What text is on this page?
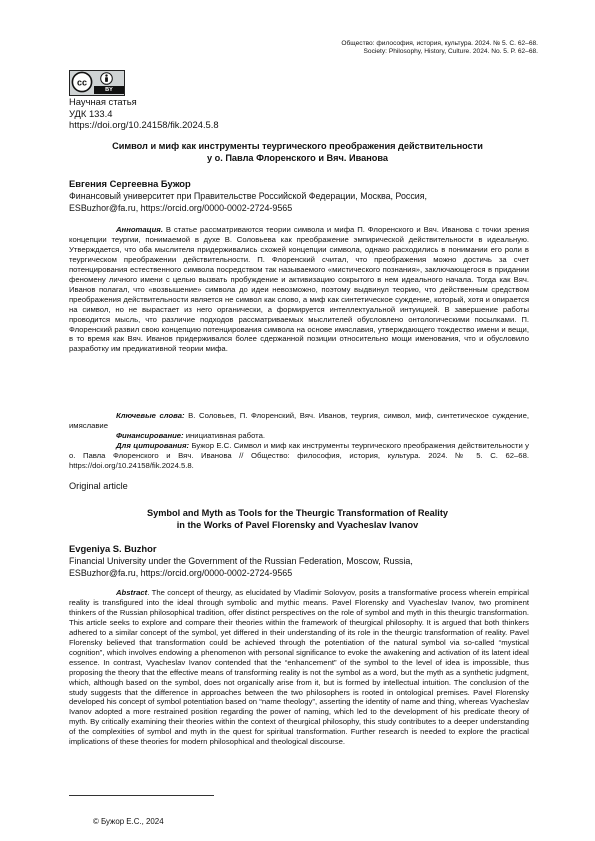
Общество: философия, история, культура. 2024. № 5. С. 62–68.
Society: Philosophy, History, Culture. 2024. No. 5. P. 62–68.
cc
BY
Научная статья
УДК 133.4
https://doi.org/10.24158/fik.2024.5.8
Символ и миф как инструменты теургического преображения действительности
у о. Павла Флоренского и Вяч. Иванова
Евгения Сергеевна Бужор
Финансовый университет при Правительстве Российской Федерации, Москва, Россия,
ESBuzhor@fa.ru, https://orcid.org/0000-0002-2724-9565
Аннотация. В статье рассматриваются теории символа и мифа П. Флоренского и Вяч. Иванова с точки зрения концепции теургии, понимаемой в духе В. Соловьева как преображение эмпирической действительности в идеальную. Утверждается, что оба мыслителя придерживались схожей концепции символа, однако расходились в понимании его роли в теургическом преображении действительности. П. Флоренский считал, что преображения можно достичь за счет потенцирования естественного символа посредством так называемого «мистического познания», заключающегося в придании феномену личного имени с целью вызвать пробуждение и активизацию сокрытого в нем идеального начала. Тогда как Вяч. Иванов полагал, что «возвышение» символа до идеи невозможно, поэтому выдвинул теорию, что действенным средством преображения действительности является не символ как слово, а миф как синтетическое суждение, который, хотя и опирается на символ, но не вырастает из него органически, а формируется интеллектуальной интуицией. В завершение работы проводится мысль, что различие подходов рассматриваемых мыслителей обусловлено онтологическими посылками. П. Флоренский развил свою концепцию потенцирования символа на основе имяславия, утверждающего тождество имени и вещи, в то время как Вяч. Иванов придерживался более сдержанной позиции относительно мощи именования, что и обусловило разработку им предикативной теории мифа.
Ключевые слова: В. Соловьев, П. Флоренский, Вяч. Иванов, теургия, символ, миф, синтетическое суждение, имяславие
Финансирование: инициативная работа.
Для цитирования: Бужор Е.С. Символ и миф как инструменты теургического преображения действительности у о. Павла Флоренского и Вяч. Иванова // Общество: философия, история, культура. 2024. № 5. С. 62–68. https://doi.org/10.24158/fik.2024.5.8.
Original article
Symbol and Myth as Tools for the Theurgic Transformation of Reality
in the Works of Pavel Florensky and Vyacheslav Ivanov
Evgeniya S. Buzhor
Financial University under the Government of the Russian Federation, Moscow, Russia,
ESBuzhor@fa.ru, https://orcid.org/0000-0002-2724-9565
Abstract. The concept of theurgy, as elucidated by Vladimir Solovyov, posits a transformative process wherein empirical reality is transfigured into the ideal through symbolic and mythic means. Pavel Florensky and Vyacheslav Ivanov, two prominent thinkers of the Russian philosophical tradition, offer distinct perspectives on the role of symbol and myth in this theurgic transformation. This article seeks to explore and compare their theories within the framework of theurgical philosophy. It is argued that both thinkers adhered to a similar concept of the symbol, yet differed in their understanding of its role in the theurgic transformation of reality. Pavel Florensky believed that transformation could be achieved through the potentiation of the natural symbol via so-called “mystical cognition”, which involves endowing a phenomenon with personal significance to evoke the awakening and activation of its latent ideal essence. In contrast, Vyacheslav Ivanov contended that the “enhancement” of the symbol to the level of idea is impossible, thus proposing the theory that the effective means of transforming reality is not the symbol as a word, but the myth as a synthetic judgment, which, although based on the symbol, does not organically arise from it, but is formed by intellectual intuition. The conclusion of the study suggests that the difference in approaches between the two philosophers is rooted in ontological premises. Pavel Florensky developed his concept of symbol potentiation based on “name theology”, asserting the identity of name and thing, whereas Vyacheslav Ivanov adopted a more restrained position regarding the power of naming, which led to the development of his predicate theory of myth. By critically examining their theories within the context of theurgical philosophy, this study contributes to a deeper understanding of the complexities of symbol and myth in the quest for spiritual transformation. Further research is needed to explore the practical implications of these theories for modern philosophical and theological discourse.
© Бужор Е.С., 2024
